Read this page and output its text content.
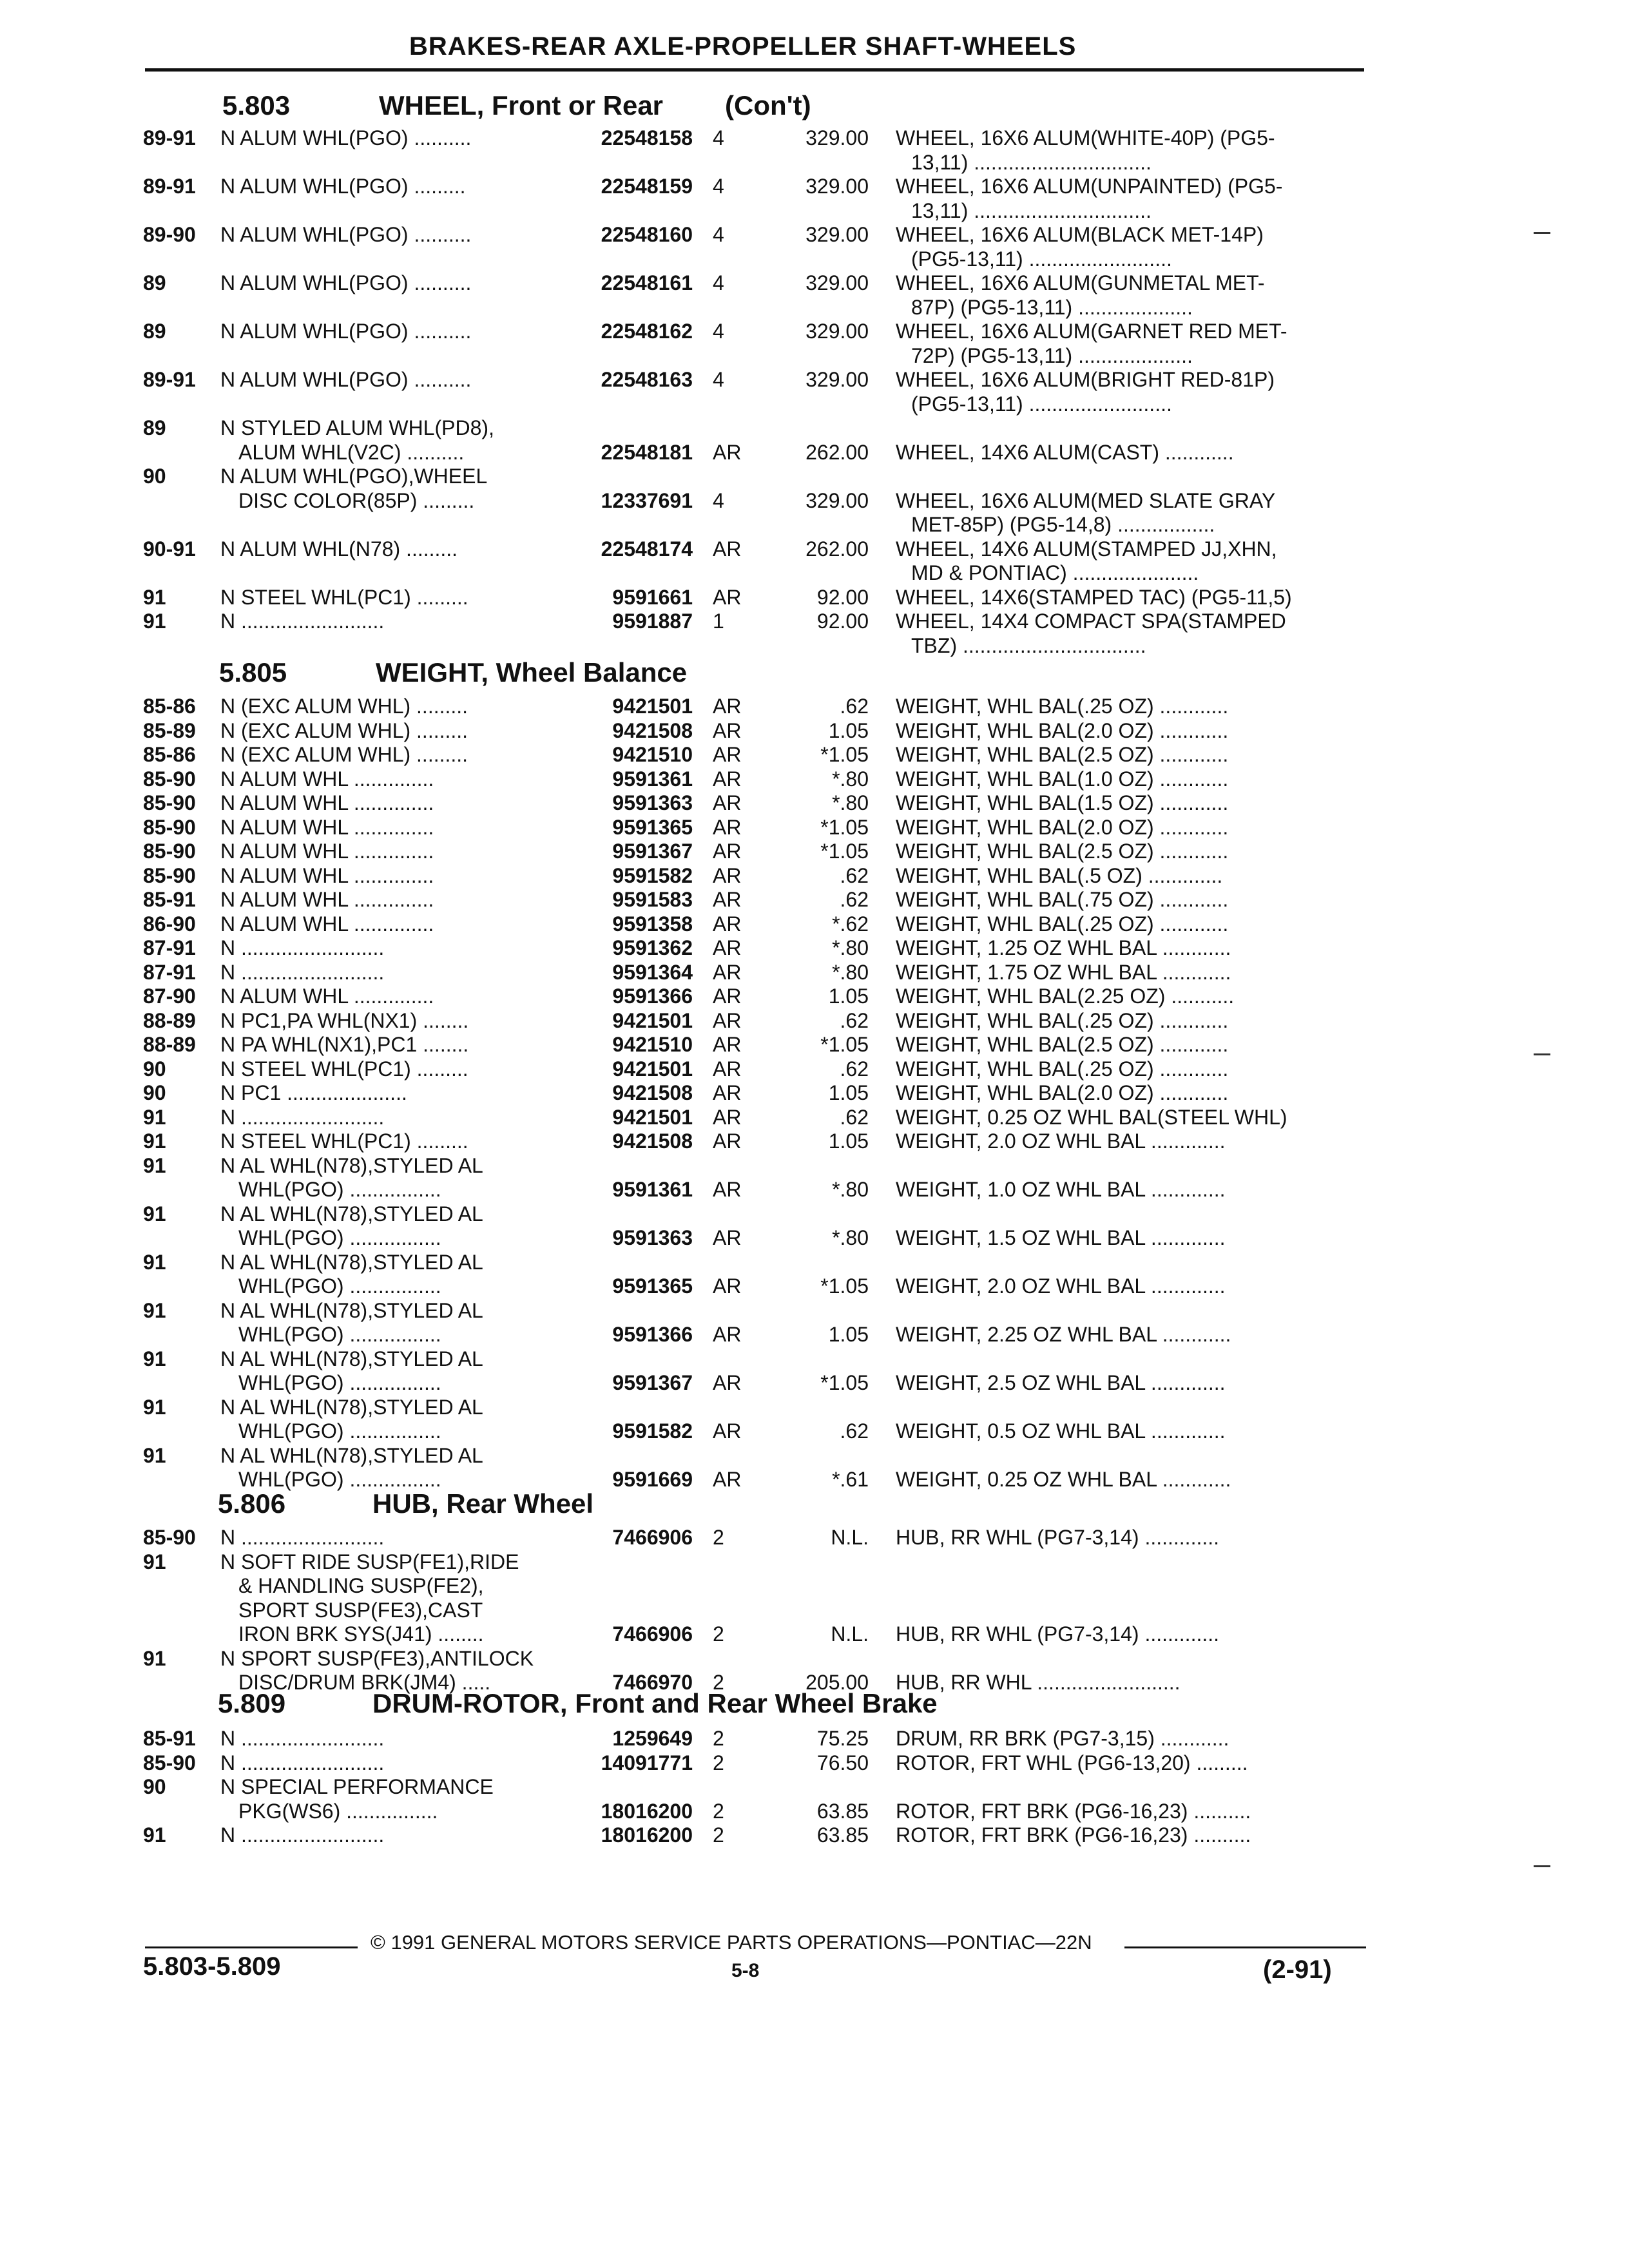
BRAKES-REAR AXLE-PROPELLER SHAFT-WHEELS
5.803	WHEEL, Front or Rear (Con't)
89-91 N ALUM WHL(PGO) ..........	22548158 4	329.00 WHEEL, 16X6 ALUM(WHITE-40P) (PG5-
13,11) ...............................
89-91 N ALUM WHL(PGO) .........	22548159 4	329.00 WHEEL, 16X6 ALUM(UNPAINTED) (PG5-
13,11) ...............................
89-90 N ALUM WHL(PGO) ..........	22548160 4	329.00 WHEEL, 16X6 ALUM(BLACK MET-14P)
(PG5-13,11) .........................
89	N ALUM WHL(PGO) ..........	22548161 4	329.00 WHEEL, 16X6 ALUM(GUNMETAL MET-
87P) (PG5-13,11) ....................
89	N ALUM WHL(PGO) ..........	22548162 4	329.00 WHEEL, 16X6 ALUM(GARNET RED MET-
72P) (PG5-13,11) ....................
89-91 N ALUM WHL(PGO) ..........	22548163 4	329.00 WHEEL, 16X6 ALUM(BRIGHT RED-81P)
(PG5-13,11) .........................
89	N STYLED ALUM WHL(PD8),
ALUM WHL(V2C) ..........	22548181 AR	262.00 WHEEL, 14X6 ALUM(CAST) ............
90	N ALUM WHL(PGO),WHEEL
DISC COLOR(85P) .........	12337691 4	329.00 WHEEL, 16X6 ALUM(MED SLATE GRAY
MET-85P) (PG5-14,8) .................
90-91 N ALUM WHL(N78) .........	22548174 AR	262.00 WHEEL, 14X6 ALUM(STAMPED JJ,XHN,
MD & PONTIAC) ......................
91	N STEEL WHL(PC1) .........	9591661 AR	92.00 WHEEL, 14X6(STAMPED TAC) (PG5-11,5)
91	N .........................	9591887 1	92.00 WHEEL, 14X4 COMPACT SPA(STAMPED
TBZ) ................................
5.805	WEIGHT, Wheel Balance
85-86 N (EXC ALUM WHL) .........	9421501 AR	.62 WEIGHT, WHL BAL(.25 OZ) ............
85-89 N (EXC ALUM WHL) .........	9421508 AR	1.05 WEIGHT, WHL BAL(2.0 OZ) ............
85-86 N (EXC ALUM WHL) .........	9421510 AR	*1.05 WEIGHT, WHL BAL(2.5 OZ) ............
85-90 N ALUM WHL ..............	9591361 AR	*.80 WEIGHT, WHL BAL(1.0 OZ) ............
85-90 N ALUM WHL ..............	9591363 AR	*.80 WEIGHT, WHL BAL(1.5 OZ) ............
85-90 N ALUM WHL ..............	9591365 AR	*1.05 WEIGHT, WHL BAL(2.0 OZ) ............
85-90 N ALUM WHL ..............	9591367 AR	*1.05 WEIGHT, WHL BAL(2.5 OZ) ............
85-90 N ALUM WHL ..............	9591582 AR	.62 WEIGHT, WHL BAL(.5 OZ) .............
85-91 N ALUM WHL ..............	9591583 AR	.62 WEIGHT, WHL BAL(.75 OZ) ............
86-90 N ALUM WHL ..............	9591358 AR	*.62 WEIGHT, WHL BAL(.25 OZ) ............
87-91 N .........................	9591362 AR	*.80 WEIGHT, 1.25 OZ WHL BAL ............
87-91 N .........................	9591364 AR	*.80 WEIGHT, 1.75 OZ WHL BAL ............
87-90 N ALUM WHL ..............	9591366 AR	1.05 WEIGHT, WHL BAL(2.25 OZ) ...........
88-89 N PC1,PA WHL(NX1) ........	9421501 AR	.62 WEIGHT, WHL BAL(.25 OZ) ............
88-89 N PA WHL(NX1),PC1 ........	9421510 AR	*1.05 WEIGHT, WHL BAL(2.5 OZ) ............
90	N STEEL WHL(PC1) .........	9421501 AR	.62 WEIGHT, WHL BAL(.25 OZ) ............
90	N PC1 .....................	9421508 AR	1.05 WEIGHT, WHL BAL(2.0 OZ) ............
91	N .........................	9421501 AR	.62 WEIGHT, 0.25 OZ WHL BAL(STEEL WHL)
91	N STEEL WHL(PC1) .........	9421508 AR	1.05 WEIGHT, 2.0 OZ WHL BAL .............
91	N AL WHL(N78),STYLED AL
WHL(PGO) ................	9591361 AR	*.80 WEIGHT, 1.0 OZ WHL BAL .............
91	N AL WHL(N78),STYLED AL
WHL(PGO) ................	9591363 AR	*.80 WEIGHT, 1.5 OZ WHL BAL .............
91	N AL WHL(N78),STYLED AL
WHL(PGO) ................	9591365 AR	*1.05 WEIGHT, 2.0 OZ WHL BAL .............
91	N AL WHL(N78),STYLED AL
WHL(PGO) ................	9591366 AR	1.05 WEIGHT, 2.25 OZ WHL BAL ............
91	N AL WHL(N78),STYLED AL
WHL(PGO) ................	9591367 AR	*1.05 WEIGHT, 2.5 OZ WHL BAL .............
91	N AL WHL(N78),STYLED AL
WHL(PGO) ................	9591582 AR	.62 WEIGHT, 0.5 OZ WHL BAL .............
91	N AL WHL(N78),STYLED AL
WHL(PGO) ................	9591669 AR	*.61 WEIGHT, 0.25 OZ WHL BAL ............
5.806	HUB, Rear Wheel
85-90 N .........................	7466906 2	N.L. HUB, RR WHL (PG7-3,14) .............
91	N SOFT RIDE SUSP(FE1),RIDE
& HANDLING SUSP(FE2),
SPORT SUSP(FE3),CAST
IRON BRK SYS(J41) ........	7466906 2	N.L. HUB, RR WHL (PG7-3,14) .............
91	N SPORT SUSP(FE3),ANTILOCK
DISC/DRUM BRK(JM4) .....	7466970 2	205.00 HUB, RR WHL .........................
5.809	DRUM-ROTOR, Front and Rear Wheel Brake
85-91 N .........................	1259649 2	75.25 DRUM, RR BRK (PG7-3,15) ............
85-90 N .........................	14091771 2	76.50 ROTOR, FRT WHL (PG6-13,20) .........
90	N SPECIAL PERFORMANCE
PKG(WS6) ................	18016200 2	63.85 ROTOR, FRT BRK (PG6-16,23) ..........
91	N .........................	18016200 2	63.85 ROTOR, FRT BRK (PG6-16,23) ..........
© 1991 GENERAL MOTORS SERVICE PARTS OPERATIONS—PONTIAC—22N
5.803-5.809	5-8	(2-91)
